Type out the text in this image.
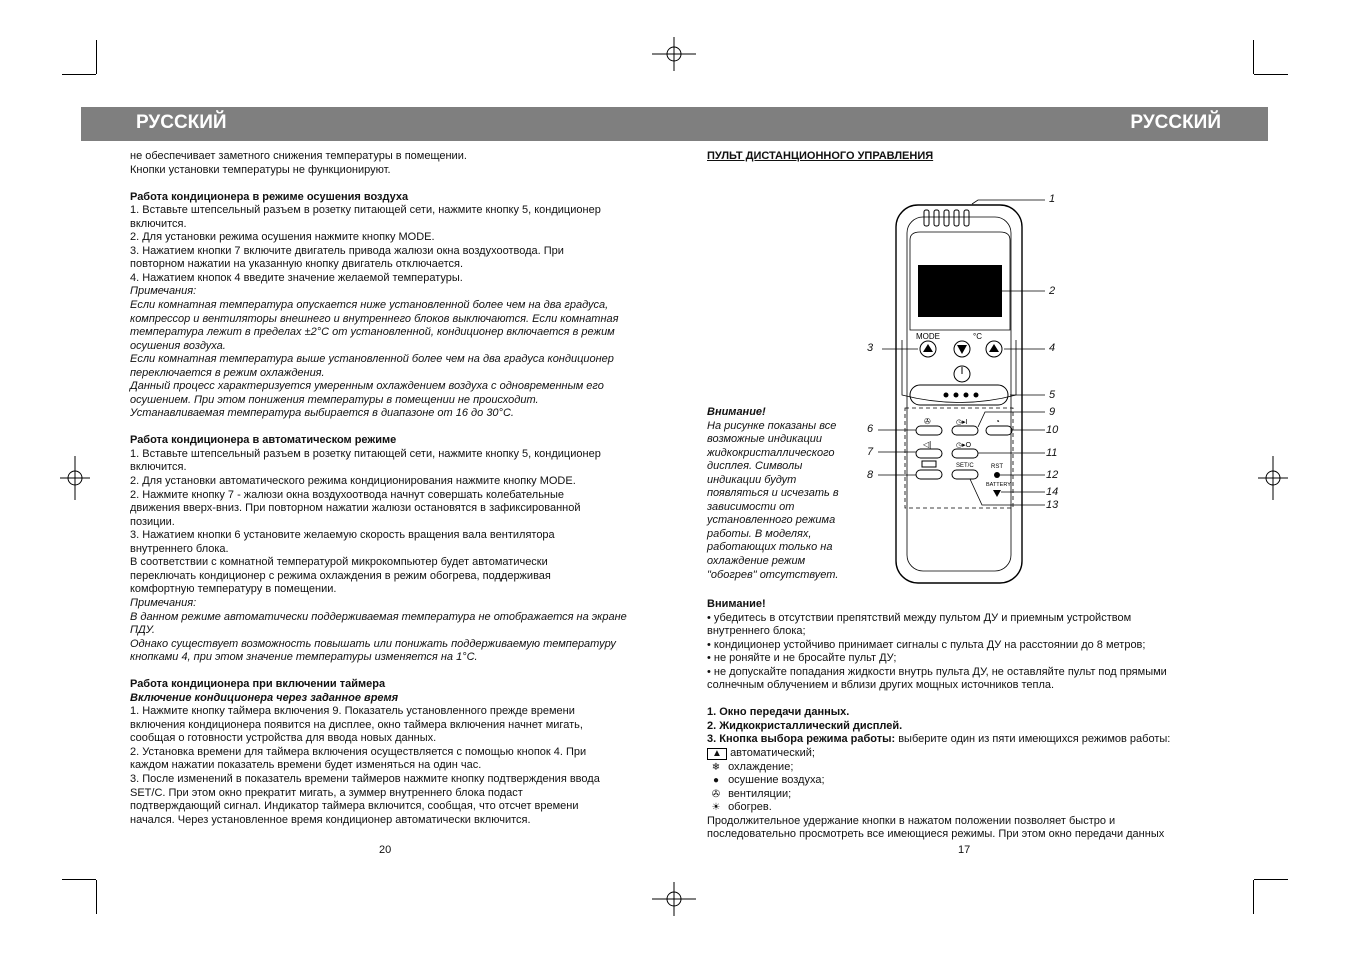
РУССКИЙ	РУССКИЙ

не обеспечивает заметного снижения температуры в помещении.

Кнопки установки температуры не функционируют.

Работа кондиционера в режиме осушения воздуха

1. Вставьте штепсельный разъем в розетку питающей сети, нажмите кнопку 5, кондиционер

включится.

2. Для установки режима осушения нажмите кнопку MODE.

3. Нажатием кнопки 7 включите двигатель привода жалюзи окна воздухоотвода. При

повторном нажатии на указанную кнопку двигатель отключается.

4. Нажатием кнопок 4 введите значение желаемой температуры.

Примечания:

Если комнатная температура опускается ниже установленной более чем на два градуса,

компрессор и вентиляторы внешнего и внутреннего блоков выключаются. Если комнатная

температура лежит в пределах ±2°С от установленной, кондиционер включается в режим

осушения воздуха.

Если комнатная температура выше установленной более чем на два градуса кондиционер

переключается в режим охлаждения.

Данный процесс характеризуется умеренным охлаждением воздуха с одновременным его

осушением. При этом понижения температуры в помещении не происходит.

Устанавливаемая температура выбирается в диапазоне от 16 до 30°С.

Работа кондиционера в автоматическом режиме

1. Вставьте штепсельный разъем в розетку питающей сети, нажмите кнопку 5, кондиционер

включится.

2. Для установки автоматического режима кондиционирования нажмите кнопку MODE.

2. Нажмите кнопку 7 - жалюзи окна воздухоотвода начнут совершать колебательные

движения вверх-вниз. При повторном нажатии жалюзи остановятся в зафиксированной

позиции.

3. Нажатием кнопки 6 установите желаемую скорость вращения вала вентилятора

внутреннего блока.

В соответствии с комнатной температурой микрокомпьютер будет автоматически

переключать кондиционер с режима охлаждения в режим обогрева, поддерживая

комфортную температуру в помещении.

Примечания:

В данном режиме автоматически поддерживаемая температура не отображается на экране

ПДУ.

Однако существует возможность повышать или понижать поддерживаемую температуру

кнопками 4, при этом значение температуры изменяется на 1°С.

Работа кондиционера при включении таймера

Включение кондиционера через заданное время

1. Нажмите кнопку таймера включения 9. Показатель установленного прежде времени

включения кондиционера появится на дисплее, окно таймера включения начнет мигать,

сообщая о готовности устройства для ввода новых данных.

2. Установка времени для таймера включения осуществляется с помощью кнопок 4. При

каждом нажатии показатель времени будет изменяться на один час.

3. После изменений в показатель времени таймеров нажмите кнопку подтверждения ввода

SET/C. При этом окно прекратит мигать, а зуммер внутреннего блока подаст

подтверждающий сигнал. Индикатор таймера включится, сообщая, что отсчет времени

начался. Через установленное время кондиционер автоматически включится.

20

ПУЛЬТ ДИСТАНЦИОННОГО УПРАВЛЕНИЯ

MODE	°C
✇	◷▸I	◔
◁|	◷▸O
SET/C	RST
BATTERY
1
2
3	4
5
6
7
8
9
10
11
12
14
13

Внимание!

На рисунке показаны все

возможные индикации

жидкокристаллического

дисплея. Символы

индикации будут

появляться и исчезать в

зависимости от

установленного режима

работы. В моделях,

работающих только на

охлаждение режим

"обогрев" отсутствует.

Внимание!

• убедитесь в отсутствии препятствий между пультом ДУ и приемным устройством

внутреннего блока;

• кондиционер устойчиво принимает сигналы с пульта ДУ на расстоянии до 8 метров;

• не роняйте и не бросайте пульт ДУ;

• не допускайте попадания жидкости внутрь пульта ДУ, не оставляйте пульт под прямыми

солнечным облучением и вблизи других мощных источников тепла.

1. Окно передачи данных.

2. Жидкокристаллический дисплей.

3. Кнопка выбора режима работы: выберите один из пяти имеющихся режимов работы:

▲ автоматический;

❄ охлаждение;

● осушение воздуха;

✇ вентиляции;

☀ обогрев.

Продолжительное удержание кнопки в нажатом положении позволяет быстро и

последовательно просмотреть все имеющиеся режимы. При этом окно передачи данных

17
